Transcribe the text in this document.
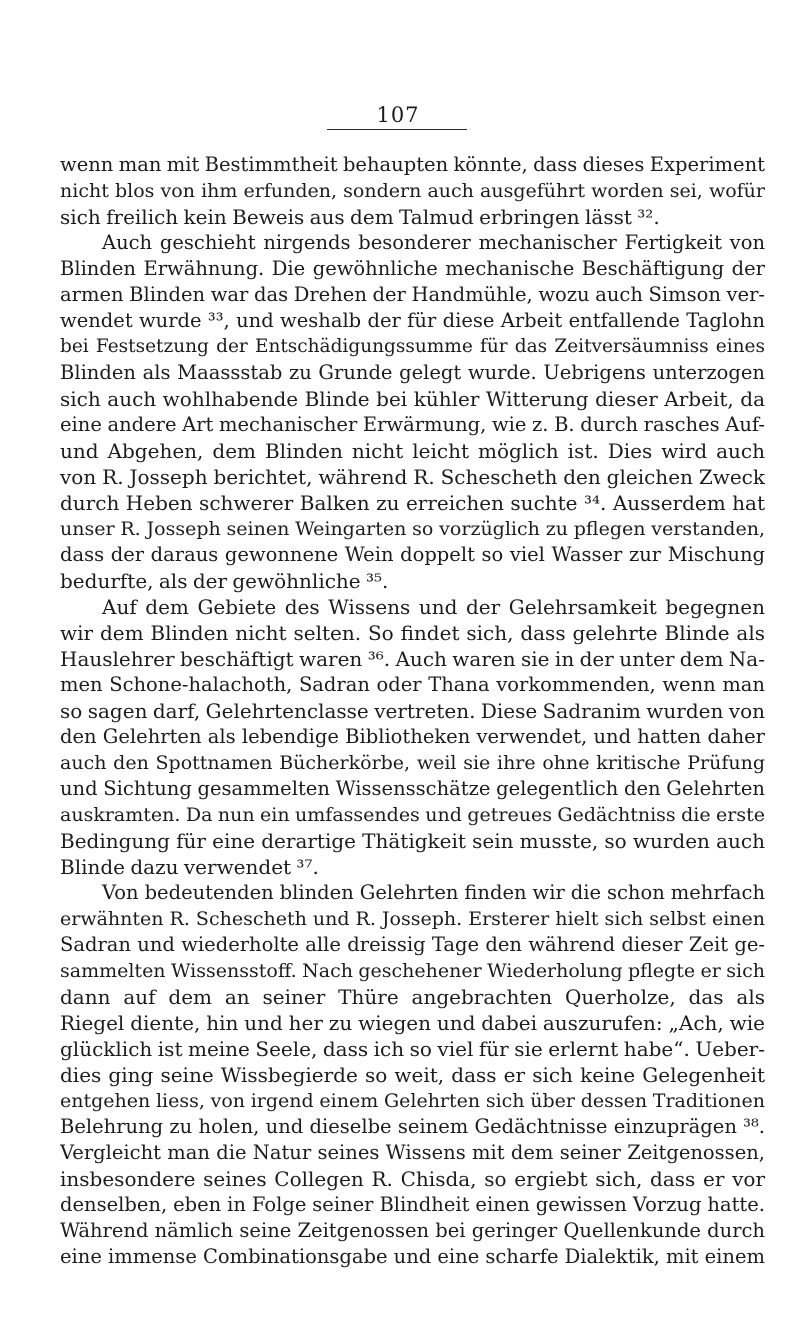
107
wenn man mit Bestimmtheit behaupten könnte, dass dieses Experiment
nicht blos von ihm erfunden, sondern auch ausgeführt worden sei, wofür
sich freilich kein Beweis aus dem Talmud erbringen lässt ³².
Auch geschieht nirgends besonderer mechanischer Fertigkeit von
Blinden Erwähnung. Die gewöhnliche mechanische Beschäftigung der
armen Blinden war das Drehen der Handmühle, wozu auch Simson ver-
wendet wurde ³³, und weshalb der für diese Arbeit entfallende Taglohn
bei Festsetzung der Entschädigungssumme für das Zeitversäumniss eines
Blinden als Maassstab zu Grunde gelegt wurde. Uebrigens unterzogen
sich auch wohlhabende Blinde bei kühler Witterung dieser Arbeit, da
eine andere Art mechanischer Erwärmung, wie z. B. durch rasches Auf-
und Abgehen, dem Blinden nicht leicht möglich ist. Dies wird auch
von R. Josseph berichtet, während R. Schescheth den gleichen Zweck
durch Heben schwerer Balken zu erreichen suchte ³⁴. Ausserdem hat
unser R. Josseph seinen Weingarten so vorzüglich zu pflegen verstanden,
dass der daraus gewonnene Wein doppelt so viel Wasser zur Mischung
bedurfte, als der gewöhnliche ³⁵.
Auf dem Gebiete des Wissens und der Gelehrsamkeit begegnen
wir dem Blinden nicht selten. So findet sich, dass gelehrte Blinde als
Hauslehrer beschäftigt waren ³⁶. Auch waren sie in der unter dem Na-
men Schone-halachoth, Sadran oder Thana vorkommenden, wenn man
so sagen darf, Gelehrtenclasse vertreten. Diese Sadranim wurden von
den Gelehrten als lebendige Bibliotheken verwendet, und hatten daher
auch den Spottnamen Bücherkörbe, weil sie ihre ohne kritische Prüfung
und Sichtung gesammelten Wissensschätze gelegentlich den Gelehrten
auskramten. Da nun ein umfassendes und getreues Gedächtniss die erste
Bedingung für eine derartige Thätigkeit sein musste, so wurden auch
Blinde dazu verwendet ³⁷.
Von bedeutenden blinden Gelehrten finden wir die schon mehrfach
erwähnten R. Schescheth und R. Josseph. Ersterer hielt sich selbst einen
Sadran und wiederholte alle dreissig Tage den während dieser Zeit ge-
sammelten Wissensstoff. Nach geschehener Wiederholung pflegte er sich
dann auf dem an seiner Thüre angebrachten Querholze, das als
Riegel diente, hin und her zu wiegen und dabei auszurufen: „Ach, wie
glücklich ist meine Seele, dass ich so viel für sie erlernt habe“. Ueber-
dies ging seine Wissbegierde so weit, dass er sich keine Gelegenheit
entgehen liess, von irgend einem Gelehrten sich über dessen Traditionen
Belehrung zu holen, und dieselbe seinem Gedächtnisse einzuprägen ³⁸.
Vergleicht man die Natur seines Wissens mit dem seiner Zeitgenossen,
insbesondere seines Collegen R. Chisda, so ergiebt sich, dass er vor
denselben, eben in Folge seiner Blindheit einen gewissen Vorzug hatte.
Während nämlich seine Zeitgenossen bei geringer Quellenkunde durch
eine immense Combinationsgabe und eine scharfe Dialektik, mit einem
